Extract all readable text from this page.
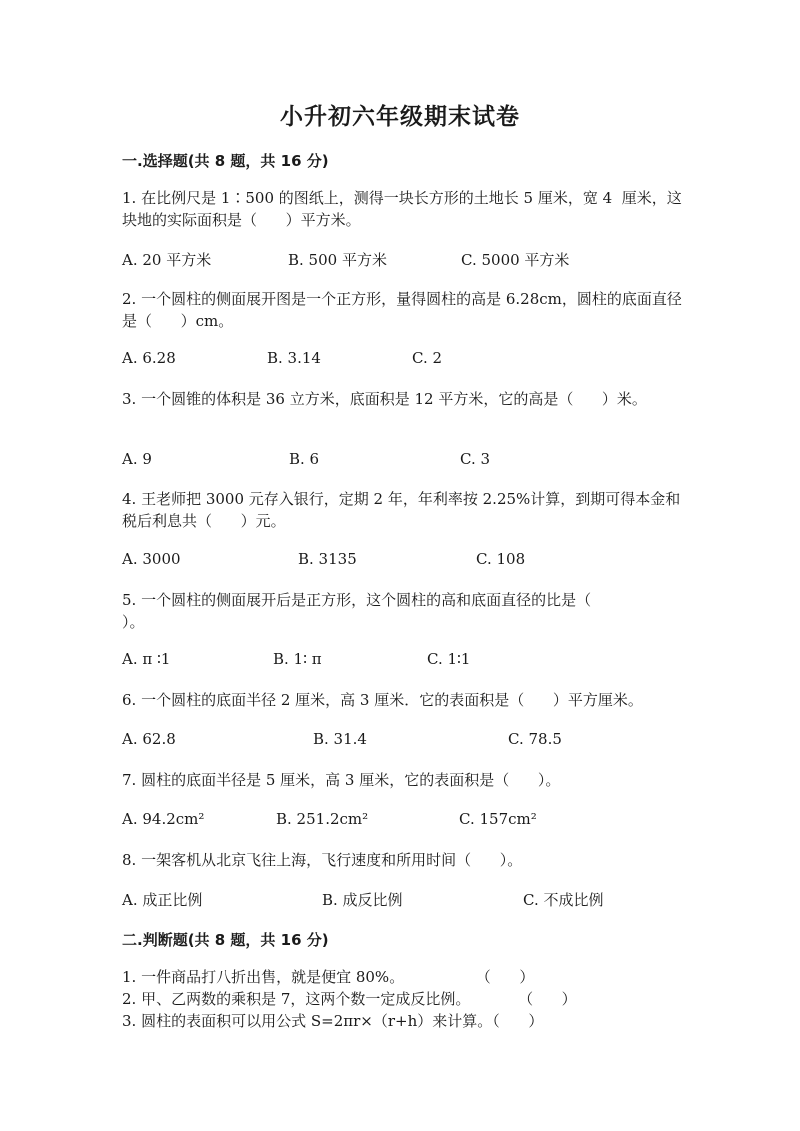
小升初六年级期末试卷
一.选择题(共 8 题，共 16 分)
1. 在比例尺是 1∶500 的图纸上，测得一块长方形的土地长 5 厘米，宽 4  厘米，这块地的实际面积是（      ）平方米。
A. 20 平方米	B. 500 平方米	C. 5000 平方米
2. 一个圆柱的侧面展开图是一个正方形，量得圆柱的高是 6.28cm，圆柱的底面直径是（      ）cm。
A. 6.28	B. 3.14	C. 2
3. 一个圆锥的体积是 36 立方米，底面积是 12 平方米，它的高是（      ）米。
A. 9	B. 6	C. 3
4. 王老师把 3000 元存入银行，定期 2 年，年利率按 2.25%计算，到期可得本金和税后利息共（      ）元。
A. 3000	B. 3135	C. 108
5. 一个圆柱的侧面展开后是正方形，这个圆柱的高和底面直径的比是（      ）。
A. π ∶1	B. 1∶ π	C. 1∶1
6. 一个圆柱的底面半径 2 厘米，高 3 厘米．它的表面积是（      ）平方厘米。
A. 62.8	B. 31.4	C. 78.5
7. 圆柱的底面半径是 5 厘米，高 3 厘米，它的表面积是（      ）。
A. 94.2cm²	B. 251.2cm²	C. 157cm²
8. 一架客机从北京飞往上海，飞行速度和所用时间（      ）。
A. 成正比例	B. 成反比例	C. 不成比例
二.判断题(共 8 题，共 16 分)
1. 一件商品打八折出售，就是便宜 80%。               （      ）
2. 甲、乙两数的乘积是 7，这两个数一定成反比例。          （      ）
3. 圆柱的表面积可以用公式 S=2πr×（r+h）来计算。（      ）
